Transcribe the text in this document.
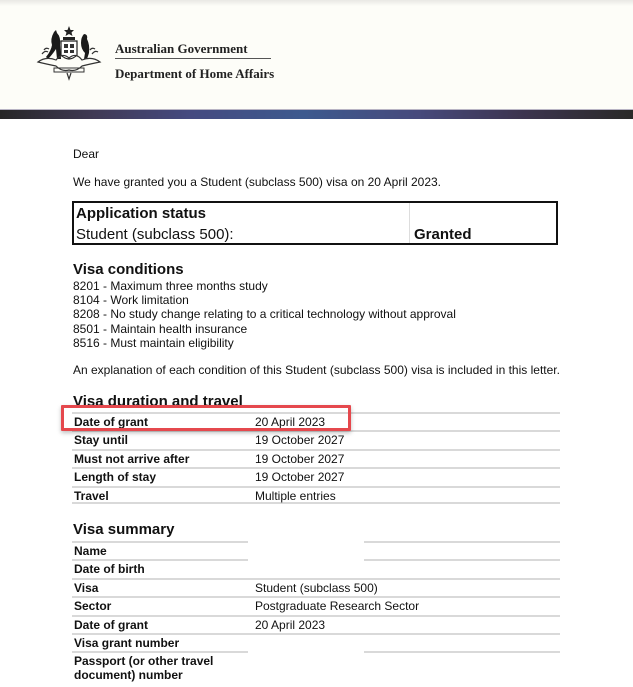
Australian Government
Department of Home Affairs
Dear
We have granted you a Student (subclass 500) visa on 20 April 2023.
Application status
Student (subclass 500):	Granted
Visa conditions
8201 - Maximum three months study
8104 - Work limitation
8208 - No study change relating to a critical technology without approval
8501 - Maintain health insurance
8516 - Must maintain eligibility
An explanation of each condition of this Student (subclass 500) visa is included in this letter.
Visa duration and travel
Date of grant	20 April 2023
Stay until	19 October 2027
Must not arrive after	19 October 2027
Length of stay	19 October 2027
Travel	Multiple entries
Visa summary
Name
Date of birth
Visa	Student (subclass 500)
Sector	Postgraduate Research Sector
Date of grant	20 April 2023
Visa grant number
Passport (or other travel document) number
